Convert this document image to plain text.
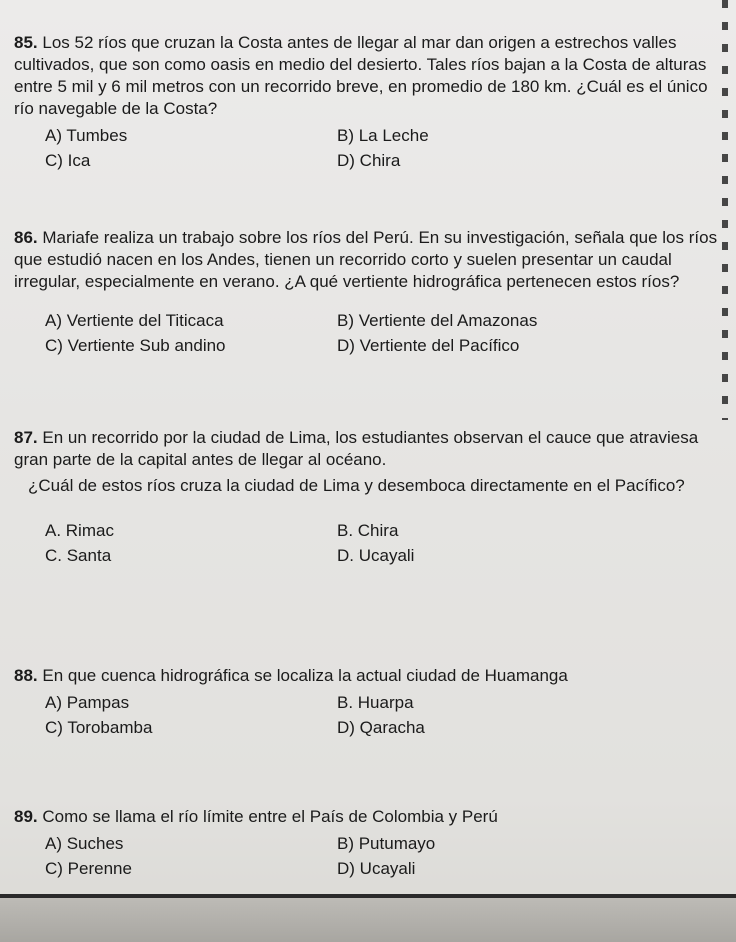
85. Los 52 ríos que cruzan la Costa antes de llegar al mar dan origen a estrechos valles cultivados, que son como oasis en medio del desierto. Tales ríos bajan a la Costa de alturas entre 5 mil y 6 mil metros con un recorrido breve, en promedio de 180 km. ¿Cuál es el único río navegable de la Costa?

A) Tumbes	B) La Leche
C) Ica	D) Chira

86. Mariafe realiza un trabajo sobre los ríos del Perú. En su investigación, señala que los ríos que estudió nacen en los Andes, tienen un recorrido corto y suelen presentar un caudal irregular, especialmente en verano. ¿A qué vertiente hidrográfica pertenecen estos ríos?

A) Vertiente del Titicaca	B) Vertiente del Amazonas
C) Vertiente Sub andino	D) Vertiente del Pacífico

87. En un recorrido por la ciudad de Lima, los estudiantes observan el cauce que atraviesa gran parte de la capital antes de llegar al océano.

¿Cuál de estos ríos cruza la ciudad de Lima y desemboca directamente en el Pacífico?

A. Rimac	B. Chira
C. Santa	D. Ucayali

88. En que cuenca hidrográfica se localiza la actual ciudad de Huamanga

A) Pampas	B. Huarpa
C) Torobamba	D) Qaracha

89. Como se llama el río límite entre el País de Colombia y Perú

A) Suches	B) Putumayo
C) Perenne	D) Ucayali
